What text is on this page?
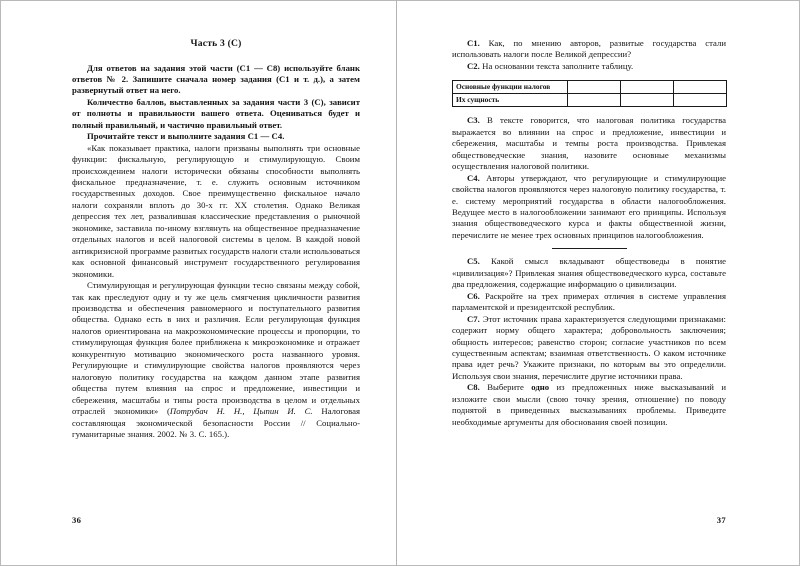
Часть 3 (С)

Для ответов на задания этой части (С1 — С8) используйте бланк ответов № 2. Запишите сначала номер задания (С1 и т. д.), а затем развернутый ответ на него.

Количество баллов, выставленных за задания части 3 (С), зависит от полноты и правильности вашего ответа. Оцениваться будет и полный правильный, и частично правильный ответ.

Прочитайте текст и выполните задания С1 — С4.

«Как показывает практика, налоги призваны выполнять три основные функции: фискальную, регулирующую и стимулирующую. Своим происхождением налоги исторически обязаны способности выполнять фискальное предназначение, т. е. служить основным источником государственных доходов. Свое преимущественно фискальное начало налоги сохраняли вплоть до 30-х гг. XX столетия. Однако Великая депрессия тех лет, развалившая классические представления о рыночной экономике, заставила по-иному взглянуть на общественное предназначение отдельных налогов и всей налоговой системы в целом. В каждой новой антикризисной программе развитых государств налоги стали использоваться как основной финансовый инструмент государственного регулирования экономики.

Стимулирующая и регулирующая функции тесно связаны между собой, так как преследуют одну и ту же цель смягчения цикличности развития производства и обеспечения равномерного и поступательного развития общества. Однако есть в них и различия. Если регулирующая функция налогов ориентирована на макроэкономические процессы и пропорции, то стимулирующая функция более приближена к микроэкономике и отражает конкурентную мотивацию экономического роста названного уровня. Регулирующие и стимулирующие свойства налогов проявляются через налоговую политику государства на каждом данном этапе развития общества путем влияния на спрос и предложение, инвестиции и сбережения, масштабы и типы роста производства в целом и отдельных отраслей экономики» (Потрубач Н. Н., Цыпин И. С. Налоговая составляющая экономической безопасности России // Социально-гуманитарные знания. 2002. № 3. С. 165.).

36

С1. Как, по мнению авторов, развитые государства стали использовать налоги после Великой депрессии?

С2. На основании текста заполните таблицу.

Основные функции налогов			
Их сущность			

С3. В тексте говорится, что налоговая политика государства выражается во влиянии на спрос и предложение, инвестиции и сбережения, масштабы и темпы роста производства. Привлекая обществоведческие знания, назовите основные механизмы осуществления налоговой политики.

С4. Авторы утверждают, что регулирующие и стимулирующие свойства налогов проявляются через налоговую политику государства, т. е. систему мероприятий государства в области налогообложения. Ведущее место в налогообложении занимают его принципы. Используя знания обществоведческого курса и факты общественной жизни, перечислите не менее трех основных принципов налогообложения.

С5. Какой смысл вкладывают обществоведы в понятие «цивилизация»? Привлекая знания обществоведческого курса, составьте два предложения, содержащие информацию о цивилизации.

С6. Раскройте на трех примерах отличия в системе управления парламентской и президентской республик.

С7. Этот источник права характеризуется следующими признаками: содержит норму общего характера; добровольность заключения; общность интересов; равенство сторон; согласие участников по всем существенным аспектам; взаимная ответственность. О каком источнике права идет речь? Укажите признаки, по которым вы это определили. Используя свои знания, перечислите другие источники права.

С8. Выберите одно из предложенных ниже высказываний и изложите свои мысли (свою точку зрения, отношение) по поводу поднятой в приведенных высказываниях проблемы. Приведите необходимые аргументы для обоснования своей позиции.

37
